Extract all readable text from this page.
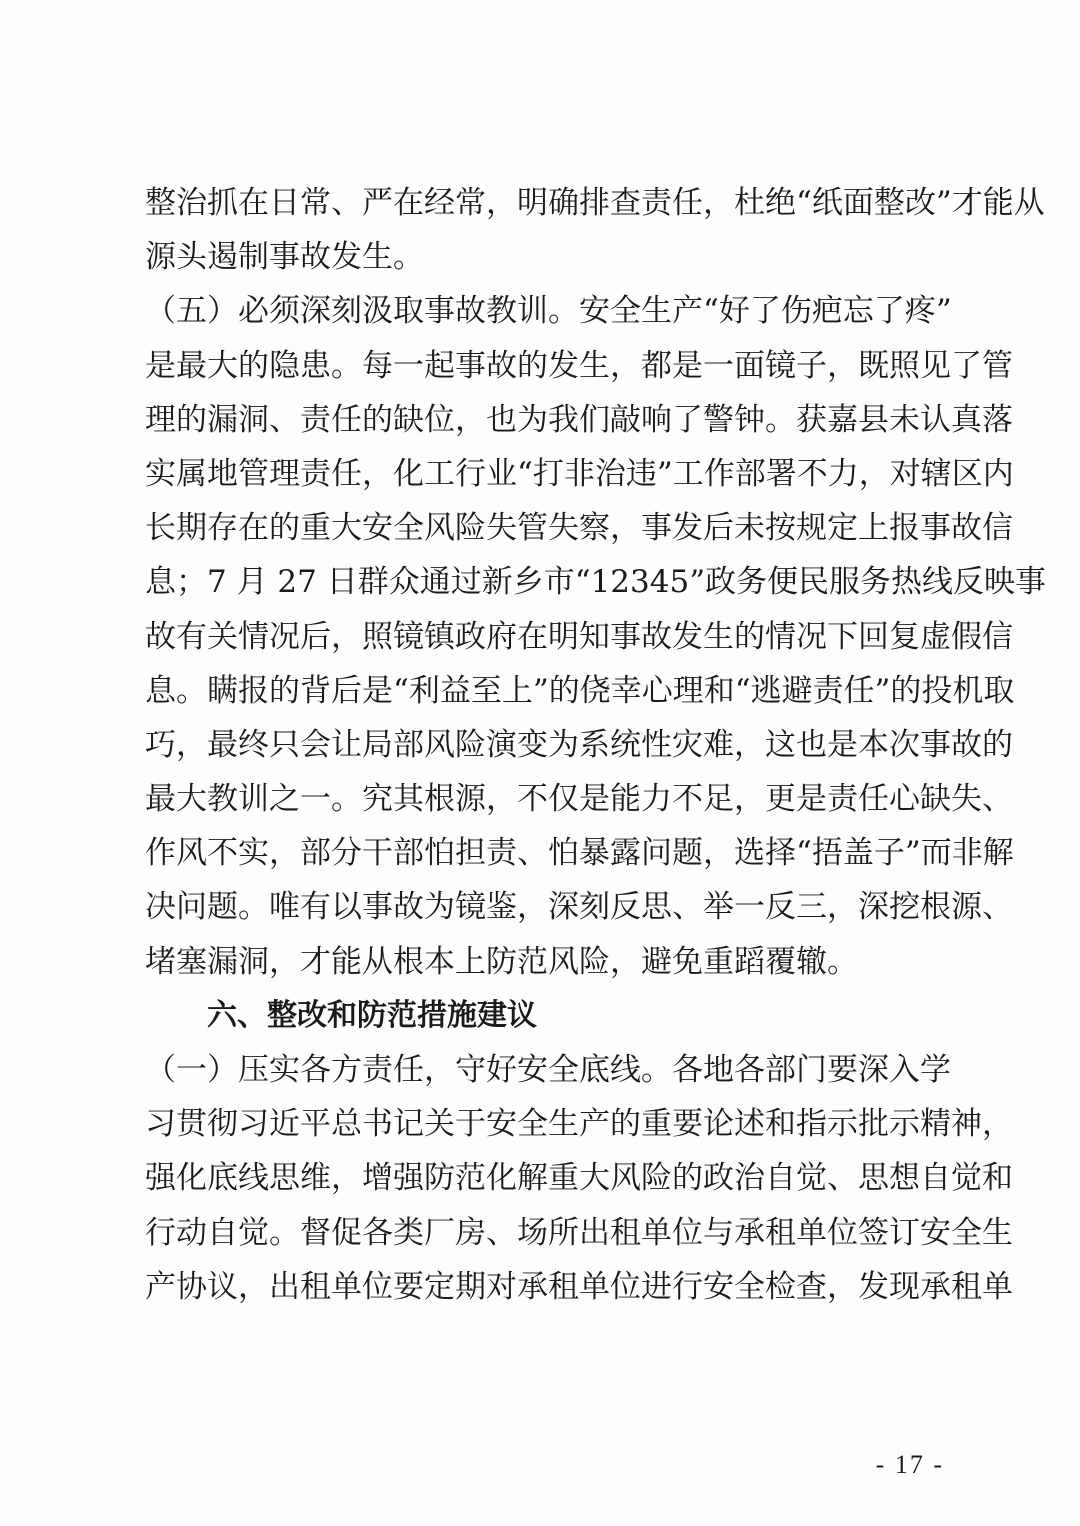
整治抓在日常、严在经常，明确排查责任，杜绝“纸面整改”才能从
源头遏制事故发生。
（五）必须深刻汲取事故教训。安全生产“好了伤疤忘了疼”
是最大的隐患。每一起事故的发生，都是一面镜子，既照见了管
理的漏洞、责任的缺位，也为我们敲响了警钟。获嘉县未认真落
实属地管理责任，化工行业“打非治违”工作部署不力，对辖区内
长期存在的重大安全风险失管失察，事发后未按规定上报事故信
息；7 月 27 日群众通过新乡市“12345”政务便民服务热线反映事
故有关情况后，照镜镇政府在明知事故发生的情况下回复虚假信
息。瞒报的背后是“利益至上”的侥幸心理和“逃避责任”的投机取
巧，最终只会让局部风险演变为系统性灾难，这也是本次事故的
最大教训之一。究其根源，不仅是能力不足，更是责任心缺失、
作风不实，部分干部怕担责、怕暴露问题，选择“捂盖子”而非解
决问题。唯有以事故为镜鉴，深刻反思、举一反三，深挖根源、
堵塞漏洞，才能从根本上防范风险，避免重蹈覆辙。
六、整改和防范措施建议
（一）压实各方责任，守好安全底线。各地各部门要深入学
习贯彻习近平总书记关于安全生产的重要论述和指示批示精神，
强化底线思维，增强防范化解重大风险的政治自觉、思想自觉和
行动自觉。督促各类厂房、场所出租单位与承租单位签订安全生
产协议，出租单位要定期对承租单位进行安全检查，发现承租单
- 17 -
